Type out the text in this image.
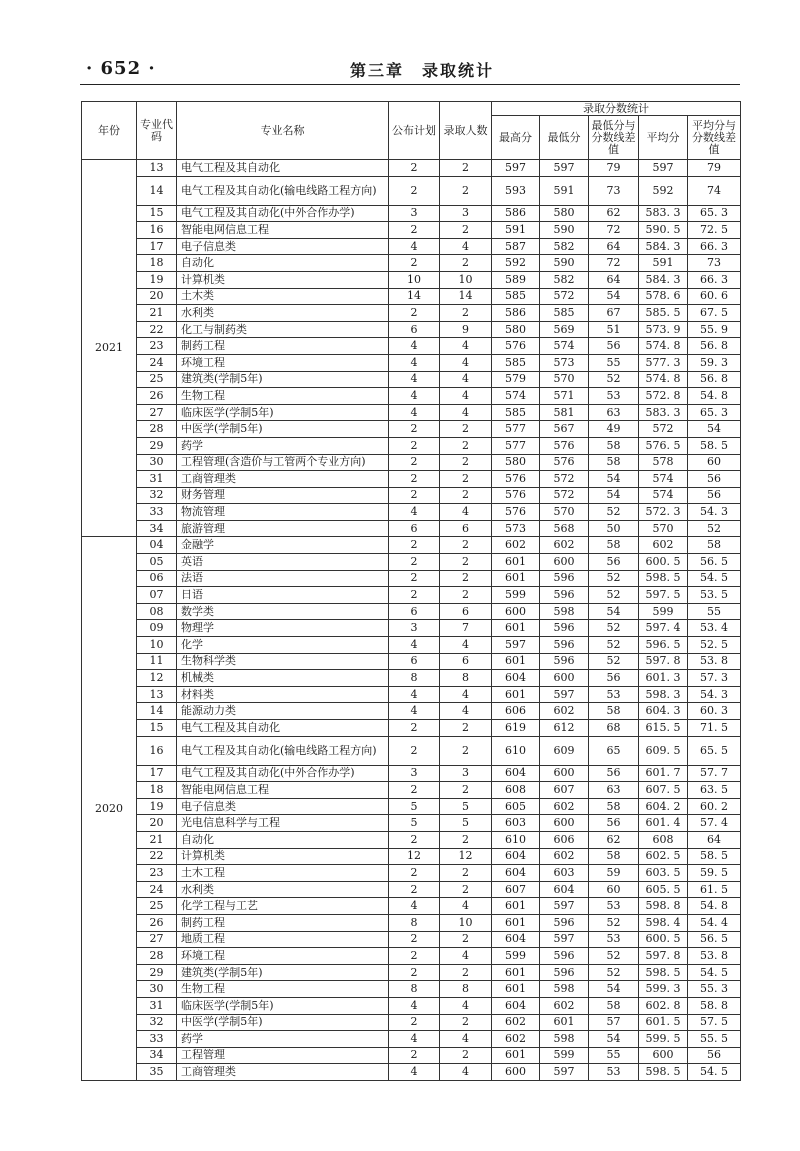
· 652 ·	第三章　录取统计
年份	专业代码	专业名称	公布计划	录取人数	录取分数统计				
					最高分	最低分	最低分与分数线差值	平均分	平均分与分数线差值
2021	13	电气工程及其自动化	2	2	597	597	79	597	79
	14	电气工程及其自动化(输电线路工程方向)	2	2	593	591	73	592	74
	15	电气工程及其自动化(中外合作办学)	3	3	586	580	62	583. 3	65. 3
	16	智能电网信息工程	2	2	591	590	72	590. 5	72. 5
	17	电子信息类	4	4	587	582	64	584. 3	66. 3
	18	自动化	2	2	592	590	72	591	73
	19	计算机类	10	10	589	582	64	584. 3	66. 3
	20	土木类	14	14	585	572	54	578. 6	60. 6
	21	水利类	2	2	586	585	67	585. 5	67. 5
	22	化工与制药类	6	9	580	569	51	573. 9	55. 9
	23	制药工程	4	4	576	574	56	574. 8	56. 8
	24	环境工程	4	4	585	573	55	577. 3	59. 3
	25	建筑类(学制5年)	4	4	579	570	52	574. 8	56. 8
	26	生物工程	4	4	574	571	53	572. 8	54. 8
	27	临床医学(学制5年)	4	4	585	581	63	583. 3	65. 3
	28	中医学(学制5年)	2	2	577	567	49	572	54
	29	药学	2	2	577	576	58	576. 5	58. 5
	30	工程管理(含造价与工管两个专业方向)	2	2	580	576	58	578	60
	31	工商管理类	2	2	576	572	54	574	56
	32	财务管理	2	2	576	572	54	574	56
	33	物流管理	4	4	576	570	52	572. 3	54. 3
	34	旅游管理	6	6	573	568	50	570	52
2020	04	金融学	2	2	602	602	58	602	58
	05	英语	2	2	601	600	56	600. 5	56. 5
	06	法语	2	2	601	596	52	598. 5	54. 5
	07	日语	2	2	599	596	52	597. 5	53. 5
	08	数学类	6	6	600	598	54	599	55
	09	物理学	3	7	601	596	52	597. 4	53. 4
	10	化学	4	4	597	596	52	596. 5	52. 5
	11	生物科学类	6	6	601	596	52	597. 8	53. 8
	12	机械类	8	8	604	600	56	601. 3	57. 3
	13	材料类	4	4	601	597	53	598. 3	54. 3
	14	能源动力类	4	4	606	602	58	604. 3	60. 3
	15	电气工程及其自动化	2	2	619	612	68	615. 5	71. 5
	16	电气工程及其自动化(输电线路工程方向)	2	2	610	609	65	609. 5	65. 5
	17	电气工程及其自动化(中外合作办学)	3	3	604	600	56	601. 7	57. 7
	18	智能电网信息工程	2	2	608	607	63	607. 5	63. 5
	19	电子信息类	5	5	605	602	58	604. 2	60. 2
	20	光电信息科学与工程	5	5	603	600	56	601. 4	57. 4
	21	自动化	2	2	610	606	62	608	64
	22	计算机类	12	12	604	602	58	602. 5	58. 5
	23	土木工程	2	2	604	603	59	603. 5	59. 5
	24	水利类	2	2	607	604	60	605. 5	61. 5
	25	化学工程与工艺	4	4	601	597	53	598. 8	54. 8
	26	制药工程	8	10	601	596	52	598. 4	54. 4
	27	地质工程	2	2	604	597	53	600. 5	56. 5
	28	环境工程	2	4	599	596	52	597. 8	53. 8
	29	建筑类(学制5年)	2	2	601	596	52	598. 5	54. 5
	30	生物工程	8	8	601	598	54	599. 3	55. 3
	31	临床医学(学制5年)	4	4	604	602	58	602. 8	58. 8
	32	中医学(学制5年)	2	2	602	601	57	601. 5	57. 5
	33	药学	4	4	602	598	54	599. 5	55. 5
	34	工程管理	2	2	601	599	55	600	56
	35	工商管理类	4	4	600	597	53	598. 5	54. 5
